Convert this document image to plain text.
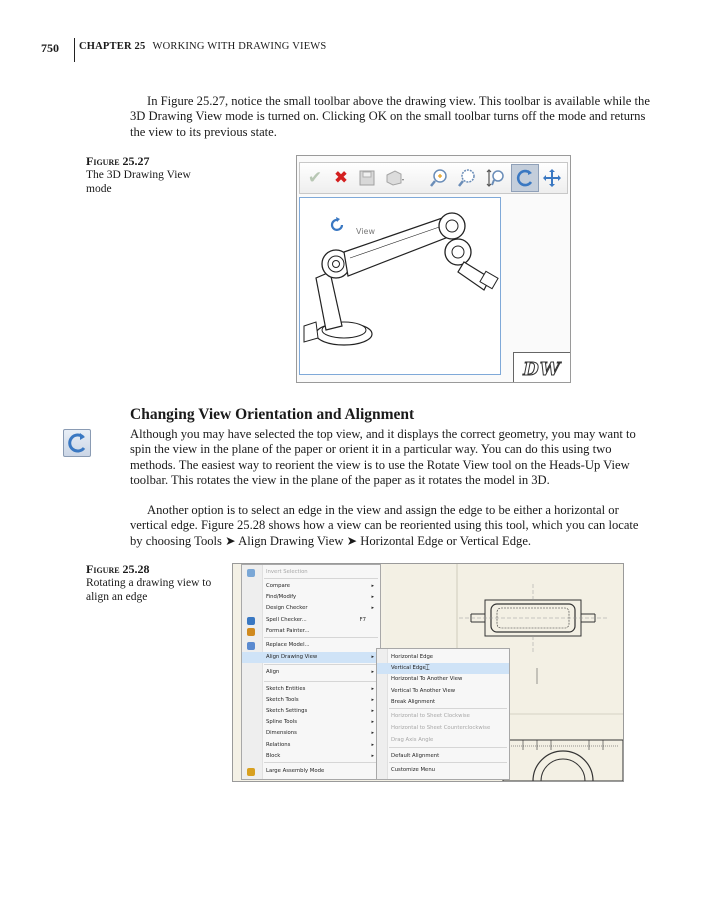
750 CHAPTER 25 WORKING WITH DRAWING VIEWS

In Figure 25.27, notice the small toolbar above the drawing view. This toolbar is available while the 3D Drawing View mode is turned on. Clicking OK on the small toolbar turns off the mode and returns the view to its previous state.

Figure 25.27
The 3D Drawing View mode
✔ ✖
View
DW
Changing View Orientation and Alignment

Although you may have selected the top view, and it displays the correct geometry, you may want to spin the view in the plane of the paper or orient it in a particular way. You can do this using two methods. The easiest way to reorient the view is to use the Rotate View tool on the Heads-Up View toolbar. This rotates the view in the plane of the paper as it rotates the model in 3D.

Another option is to select an edge in the view and assign the edge to be either a horizontal or vertical edge. Figure 25.28 shows how a view can be reoriented using this tool, which you can locate by choosing Tools ➤ Align Drawing View ➤ Horizontal Edge or Vertical Edge.

Figure 25.28
Rotating a drawing view to align an edge
Invert Selection
Compare	▸
Find/Modify	▸
Design Checker	▸
Spell Checker...	F7
Format Painter...
Replace Model...
Align Drawing View	▸
Align	▸
Sketch Entities	▸
Sketch Tools	▸
Sketch Settings	▸
Spline Tools	▸
Dimensions	▸
Relations	▸
Block	▸
Large Assembly Mode
Horizontal Edge
Vertical Edge
Horizontal To Another View
Vertical To Another View
Break Alignment
Horizontal to Sheet Clockwise
Horizontal to Sheet Counterclockwise
Drag Axis Angle
Default Alignment
Customize Menu
⌶
